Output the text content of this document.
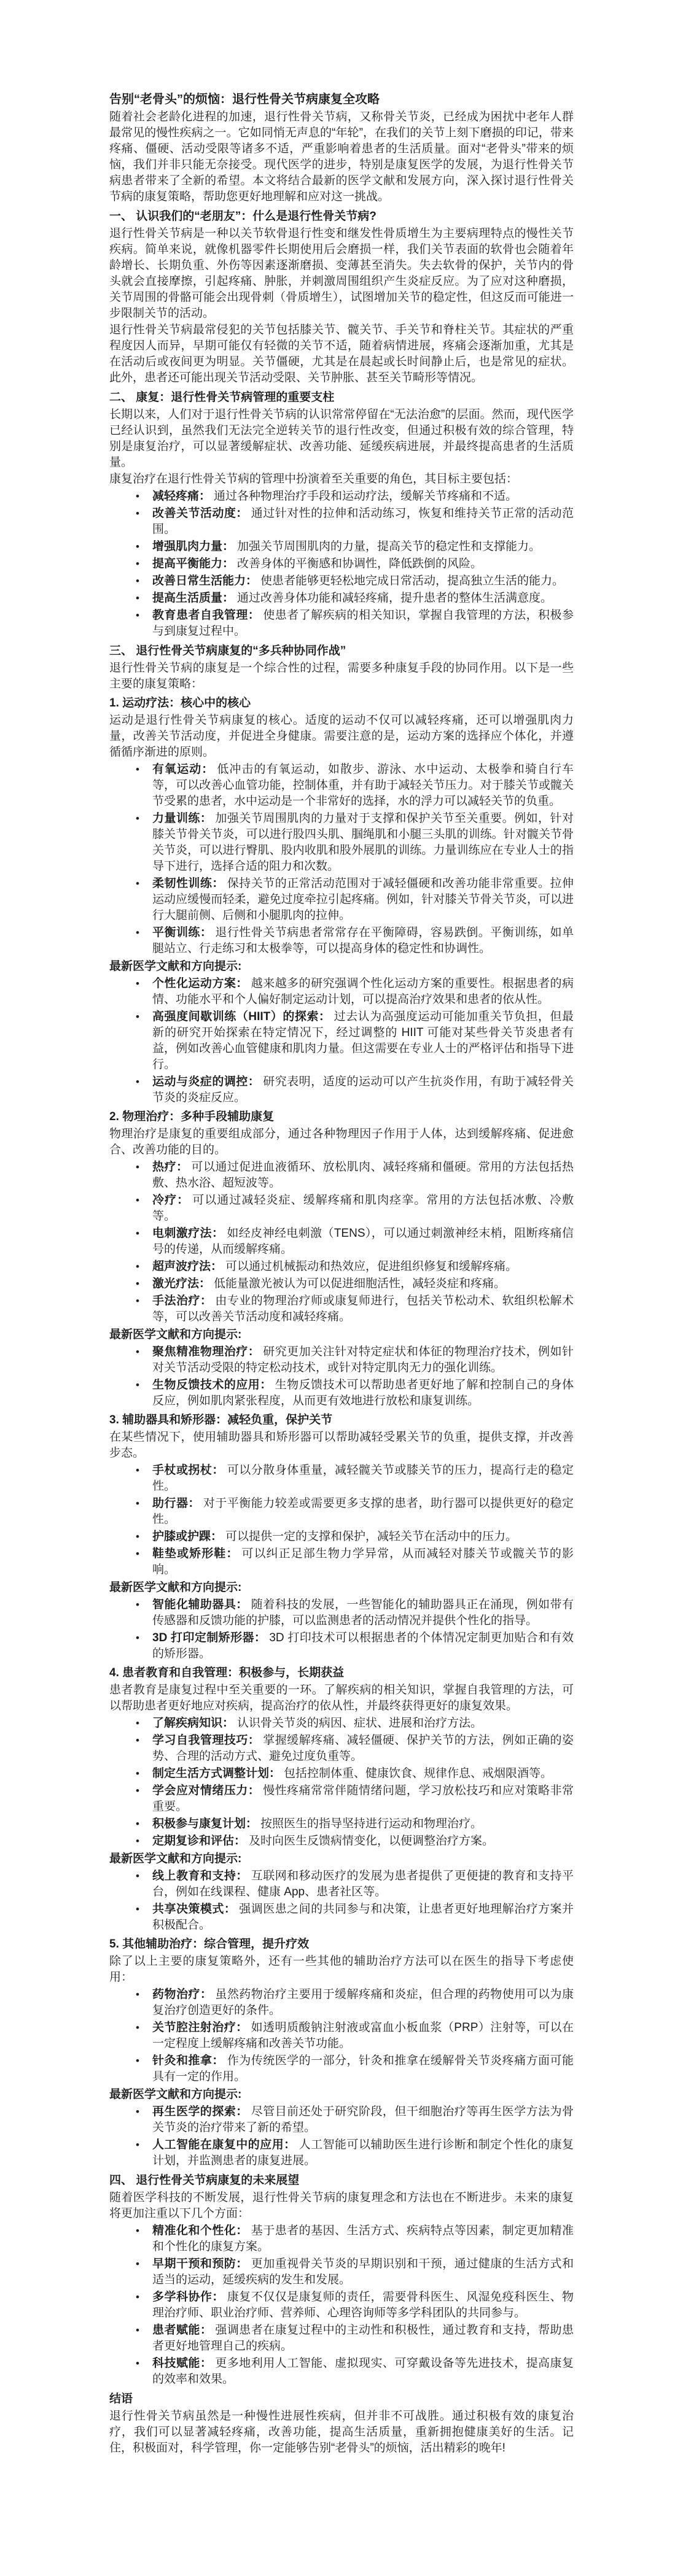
告别“老骨头”的烦恼：退行性骨关节病康复全攻略

随着社会老龄化进程的加速，退行性骨关节病，又称骨关节炎，已经成为困扰中老年人群最常见的慢性疾病之一。它如同悄无声息的“年轮”，在我们的关节上刻下磨损的印记，带来疼痛、僵硬、活动受限等诸多不适，严重影响着患者的生活质量。面对“老骨头”带来的烦恼，我们并非只能无奈接受。现代医学的进步，特别是康复医学的发展，为退行性骨关节病患者带来了全新的希望。本文将结合最新的医学文献和发展方向，深入探讨退行性骨关节病的康复策略，帮助您更好地理解和应对这一挑战。

一、 认识我们的“老朋友”：什么是退行性骨关节病?

退行性骨关节病是一种以关节软骨退行性变和继发性骨质增生为主要病理特点的慢性关节疾病。简单来说，就像机器零件长期使用后会磨损一样，我们关节表面的软骨也会随着年龄增长、长期负重、外伤等因素逐渐磨损、变薄甚至消失。失去软骨的保护，关节内的骨头就会直接摩擦，引起疼痛、肿胀，并刺激周围组织产生炎症反应。为了应对这种磨损，关节周围的骨骼可能会出现骨刺（骨质增生），试图增加关节的稳定性，但这反而可能进一步限制关节的活动。

退行性骨关节病最常侵犯的关节包括膝关节、髋关节、手关节和脊柱关节。其症状的严重程度因人而异，早期可能仅有轻微的关节不适，随着病情进展，疼痛会逐渐加重，尤其是在活动后或夜间更为明显。关节僵硬，尤其是在晨起或长时间静止后，也是常见的症状。此外，患者还可能出现关节活动受限、关节肿胀、甚至关节畸形等情况。

二、 康复：退行性骨关节病管理的重要支柱

长期以来，人们对于退行性骨关节病的认识常常停留在“无法治愈”的层面。然而，现代医学已经认识到，虽然我们无法完全逆转关节的退行性改变，但通过积极有效的综合管理，特别是康复治疗，可以显著缓解症状、改善功能、延缓疾病进展，并最终提高患者的生活质量。

康复治疗在退行性骨关节病的管理中扮演着至关重要的角色，其目标主要包括：

• 减轻疼痛： 通过各种物理治疗手段和运动疗法，缓解关节疼痛和不适。
• 改善关节活动度： 通过针对性的拉伸和活动练习，恢复和维持关节正常的活动范围。
• 增强肌肉力量： 加强关节周围肌肉的力量，提高关节的稳定性和支撑能力。
• 提高平衡能力： 改善身体的平衡感和协调性，降低跌倒的风险。
• 改善日常生活能力： 使患者能够更轻松地完成日常活动，提高独立生活的能力。
• 提高生活质量： 通过改善身体功能和减轻疼痛，提升患者的整体生活满意度。
• 教育患者自我管理： 使患者了解疾病的相关知识，掌握自我管理的方法，积极参与到康复过程中。
三、 退行性骨关节病康复的“多兵种协同作战”

退行性骨关节病的康复是一个综合性的过程，需要多种康复手段的协同作用。以下是一些主要的康复策略：

1. 运动疗法：核心中的核心

运动是退行性骨关节病康复的核心。适度的运动不仅可以减轻疼痛，还可以增强肌肉力量，改善关节活动度，并促进全身健康。需要注意的是，运动方案的选择应个体化，并遵循循序渐进的原则。

• 有氧运动： 低冲击的有氧运动，如散步、游泳、水中运动、太极拳和骑自行车等，可以改善心血管功能，控制体重，并有助于减轻关节压力。对于膝关节或髋关节受累的患者，水中运动是一个非常好的选择，水的浮力可以减轻关节的负重。
• 力量训练： 加强关节周围肌肉的力量对于支撑和保护关节至关重要。例如，针对膝关节骨关节炎，可以进行股四头肌、腘绳肌和小腿三头肌的训练。针对髋关节骨关节炎，可以进行臀肌、股内收肌和股外展肌的训练。力量训练应在专业人士的指导下进行，选择合适的阻力和次数。
• 柔韧性训练： 保持关节的正常活动范围对于减轻僵硬和改善功能非常重要。拉伸运动应缓慢而轻柔，避免过度牵拉引起疼痛。例如，针对膝关节骨关节炎，可以进行大腿前侧、后侧和小腿肌肉的拉伸。
• 平衡训练： 退行性骨关节病患者常常存在平衡障碍，容易跌倒。平衡训练，如单腿站立、行走练习和太极拳等，可以提高身体的稳定性和协调性。
最新医学文献和方向提示:
• 个性化运动方案： 越来越多的研究强调个性化运动方案的重要性。根据患者的病情、功能水平和个人偏好制定运动计划，可以提高治疗效果和患者的依从性。
• 高强度间歇训练（HIIT）的探索： 过去认为高强度运动可能加重关节负担，但最新的研究开始探索在特定情况下，经过调整的 HIIT 可能对某些骨关节炎患者有益，例如改善心血管健康和肌肉力量。但这需要在专业人士的严格评估和指导下进行。
• 运动与炎症的调控： 研究表明，适度的运动可以产生抗炎作用，有助于减轻骨关节炎的炎症反应。
2. 物理治疗：多种手段辅助康复

物理治疗是康复的重要组成部分，通过各种物理因子作用于人体，达到缓解疼痛、促进愈合、改善功能的目的。

• 热疗： 可以通过促进血液循环、放松肌肉、减轻疼痛和僵硬。常用的方法包括热敷、热水浴、超短波等。
• 冷疗： 可以通过减轻炎症、缓解疼痛和肌肉痉挛。常用的方法包括冰敷、冷敷等。
• 电刺激疗法： 如经皮神经电刺激（TENS），可以通过刺激神经末梢，阻断疼痛信号的传递，从而缓解疼痛。
• 超声波疗法： 可以通过机械振动和热效应，促进组织修复和缓解疼痛。
• 激光疗法： 低能量激光被认为可以促进细胞活性，减轻炎症和疼痛。
• 手法治疗： 由专业的物理治疗师或康复师进行，包括关节松动术、软组织松解术等，可以改善关节活动度和减轻疼痛。
最新医学文献和方向提示:
• 聚焦精准物理治疗： 研究更加关注针对特定症状和体征的物理治疗技术，例如针对关节活动受限的特定松动技术，或针对特定肌肉无力的强化训练。
• 生物反馈技术的应用： 生物反馈技术可以帮助患者更好地了解和控制自己的身体反应，例如肌肉紧张程度，从而更有效地进行放松和康复训练。
3. 辅助器具和矫形器：减轻负重，保护关节

在某些情况下，使用辅助器具和矫形器可以帮助减轻受累关节的负重，提供支撑，并改善步态。

• 手杖或拐杖： 可以分散身体重量，减轻髋关节或膝关节的压力，提高行走的稳定性。
• 助行器： 对于平衡能力较差或需要更多支撑的患者，助行器可以提供更好的稳定性。
• 护膝或护踝： 可以提供一定的支撑和保护，减轻关节在活动中的压力。
• 鞋垫或矫形鞋： 可以纠正足部生物力学异常，从而减轻对膝关节或髋关节的影响。
最新医学文献和方向提示:
• 智能化辅助器具： 随着科技的发展，一些智能化的辅助器具正在涌现，例如带有传感器和反馈功能的护膝，可以监测患者的活动情况并提供个性化的指导。
• 3D 打印定制矫形器： 3D 打印技术可以根据患者的个体情况定制更加贴合和有效的矫形器。
4. 患者教育和自我管理：积极参与，长期获益

患者教育是康复过程中至关重要的一环。了解疾病的相关知识，掌握自我管理的方法，可以帮助患者更好地应对疾病，提高治疗的依从性，并最终获得更好的康复效果。

• 了解疾病知识： 认识骨关节炎的病因、症状、进展和治疗方法。
• 学习自我管理技巧： 掌握缓解疼痛、减轻僵硬、保护关节的方法，例如正确的姿势、合理的活动方式、避免过度负重等。
• 制定生活方式调整计划： 包括控制体重、健康饮食、规律作息、戒烟限酒等。
• 学会应对情绪压力： 慢性疼痛常常伴随情绪问题，学习放松技巧和应对策略非常重要。
• 积极参与康复计划： 按照医生的指导坚持进行运动和物理治疗。
• 定期复诊和评估： 及时向医生反馈病情变化，以便调整治疗方案。
最新医学文献和方向提示:
• 线上教育和支持： 互联网和移动医疗的发展为患者提供了更便捷的教育和支持平台，例如在线课程、健康 App、患者社区等。
• 共享决策模式： 强调医患之间的共同参与和决策，让患者更好地理解治疗方案并积极配合。
5. 其他辅助治疗：综合管理，提升疗效

除了以上主要的康复策略外，还有一些其他的辅助治疗方法可以在医生的指导下考虑使用：

• 药物治疗： 虽然药物治疗主要用于缓解疼痛和炎症，但合理的药物使用可以为康复治疗创造更好的条件。
• 关节腔注射治疗： 如透明质酸钠注射液或富血小板血浆（PRP）注射等，可以在一定程度上缓解疼痛和改善关节功能。
• 针灸和推拿： 作为传统医学的一部分，针灸和推拿在缓解骨关节炎疼痛方面可能具有一定的作用。
最新医学文献和方向提示:
• 再生医学的探索： 尽管目前还处于研究阶段，但干细胞治疗等再生医学方法为骨关节炎的治疗带来了新的希望。
• 人工智能在康复中的应用： 人工智能可以辅助医生进行诊断和制定个性化的康复计划，并监测患者的康复进展。
四、 退行性骨关节病康复的未来展望

随着医学科技的不断发展，退行性骨关节病的康复理念和方法也在不断进步。未来的康复将更加注重以下几个方面：

• 精准化和个性化： 基于患者的基因、生活方式、疾病特点等因素，制定更加精准和个性化的康复方案。
• 早期干预和预防： 更加重视骨关节炎的早期识别和干预，通过健康的生活方式和适当的运动，延缓疾病的发生和发展。
• 多学科协作： 康复不仅仅是康复师的责任，需要骨科医生、风湿免疫科医生、物理治疗师、职业治疗师、营养师、心理咨询师等多学科团队的共同参与。
• 患者赋能： 强调患者在康复过程中的主动性和积极性，通过教育和支持，帮助患者更好地管理自己的疾病。
• 科技赋能： 更多地利用人工智能、虚拟现实、可穿戴设备等先进技术，提高康复的效率和效果。
结语

退行性骨关节病虽然是一种慢性进展性疾病，但并非不可战胜。通过积极有效的康复治疗，我们可以显著减轻疼痛，改善功能，提高生活质量，重新拥抱健康美好的生活。记住，积极面对，科学管理，你一定能够告别“老骨头”的烦恼，活出精彩的晚年!
